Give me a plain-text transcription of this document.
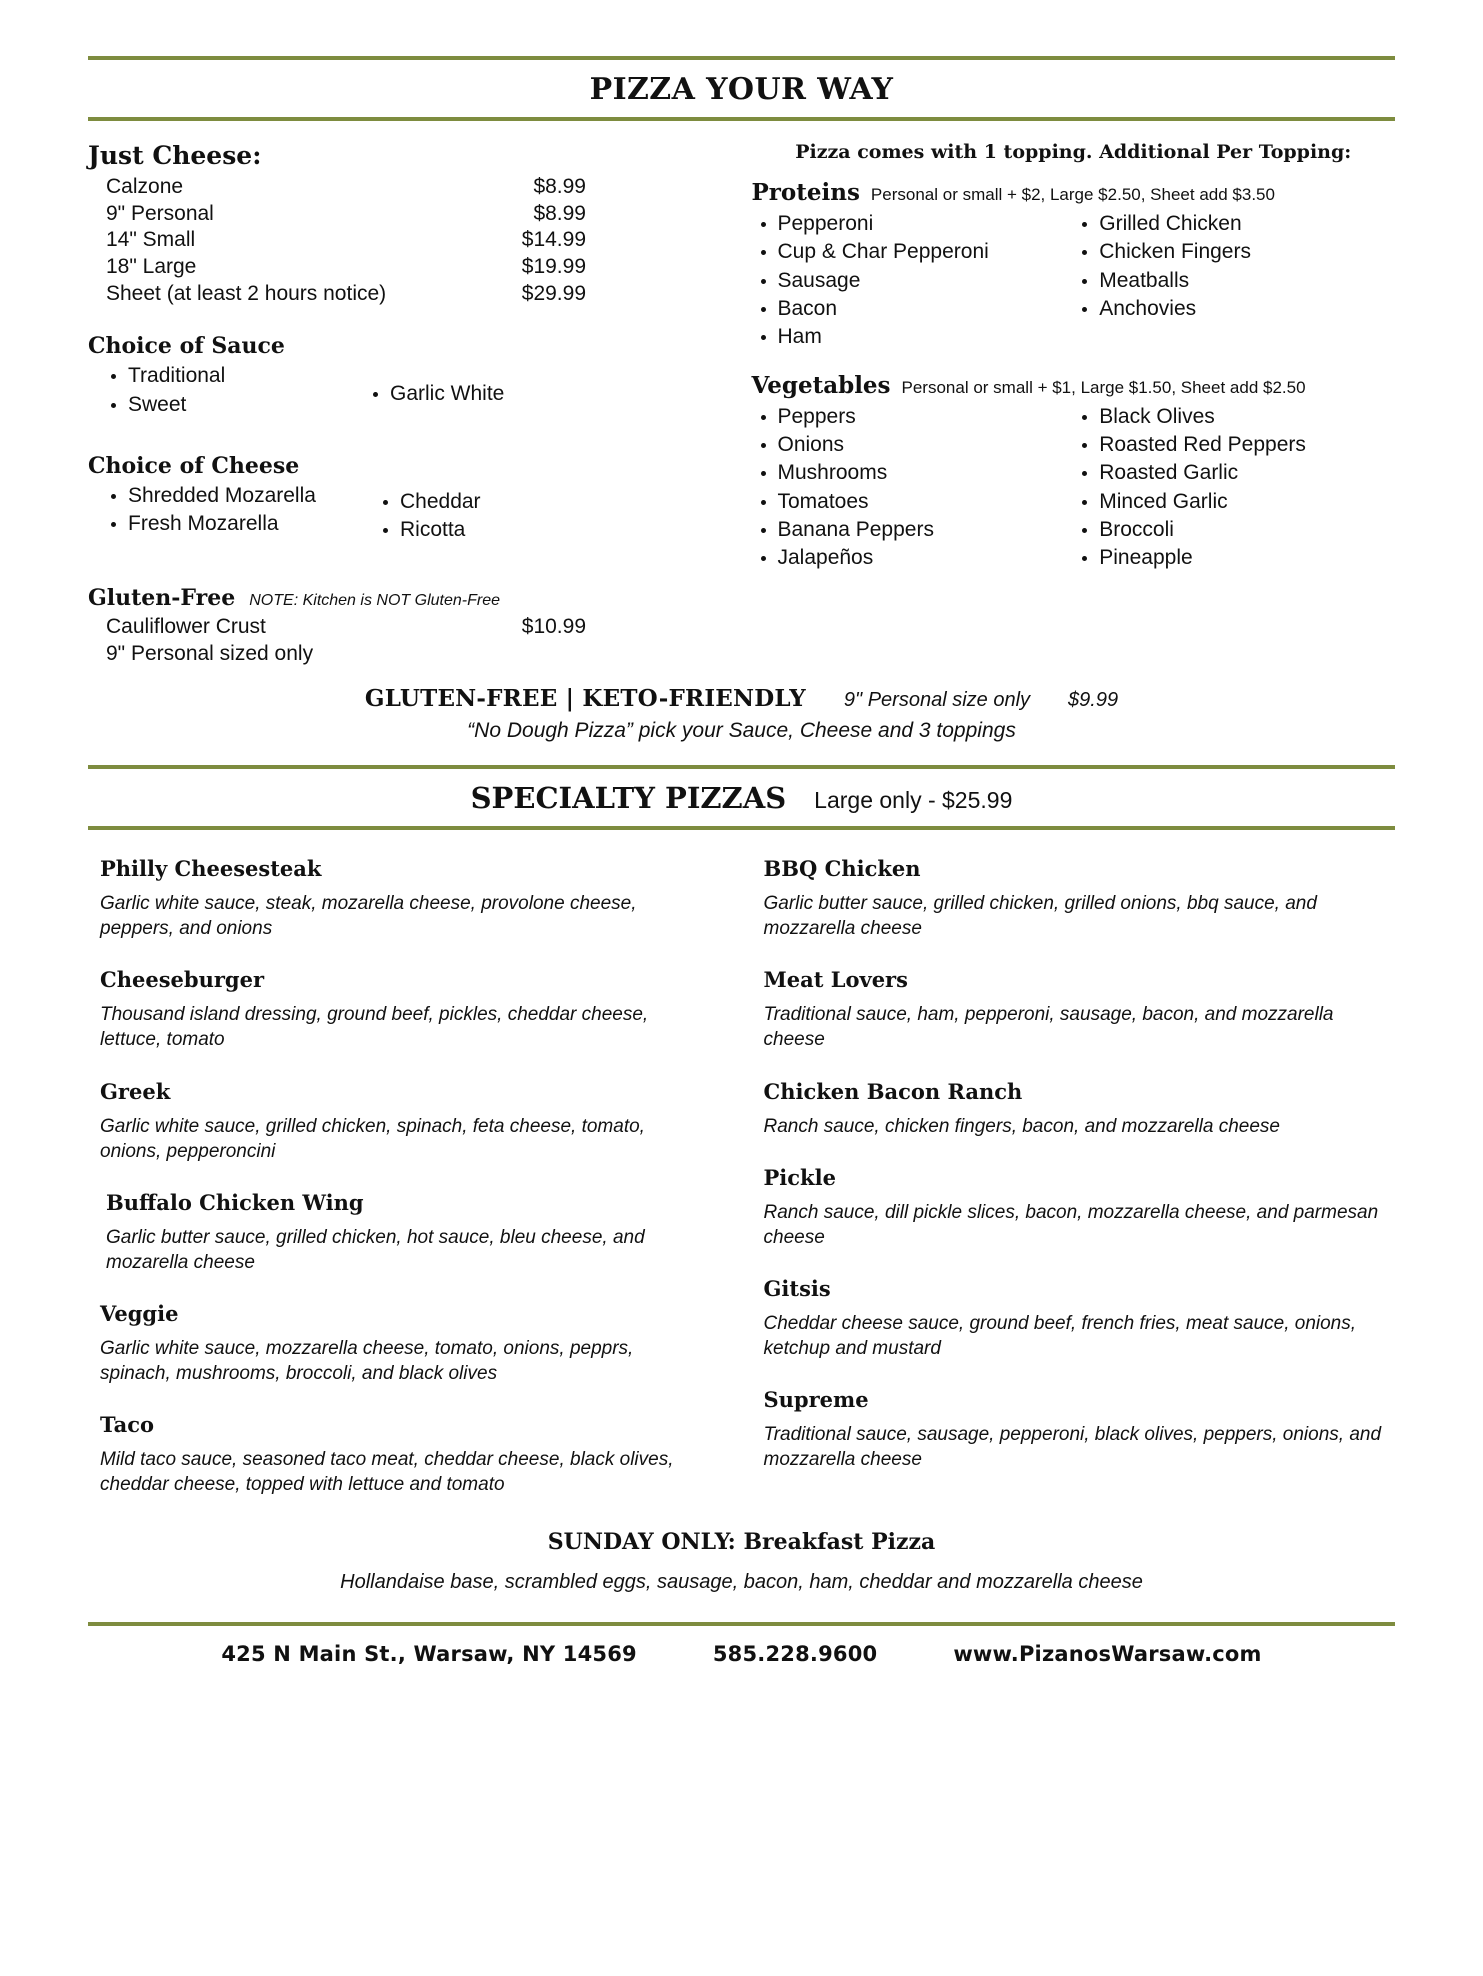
PIZZA YOUR WAY
Just Cheese:
Calzone	$8.99
9" Personal	$8.99
14" Small	$14.99
18" Large	$19.99
Sheet (at least 2 hours notice)	$29.99
Choice of Sauce
Traditional
Sweet	Garlic White
Choice of Cheese
Shredded Mozarella
Fresh Mozarella
Cheddar
Ricotta
Gluten-Free NOTE: Kitchen is NOT Gluten-Free
Cauliflower Crust	$10.99
9" Personal sized only
Pizza comes with 1 topping. Additional Per Topping:
Proteins Personal or small + $2, Large $2.50, Sheet add $3.50
Pepperoni
Cup & Char Pepperoni
Sausage
Bacon
Ham
Grilled Chicken
Chicken Fingers
Meatballs
Anchovies
Vegetables Personal or small + $1, Large $1.50, Sheet add $2.50
Peppers
Onions
Mushrooms
Tomatoes
Banana Peppers
Jalapeños
Black Olives
Roasted Red Peppers
Roasted Garlic
Minced Garlic
Broccoli
Pineapple
GLUTEN-FREE | KETO-FRIENDLY 9" Personal size only $9.99
“No Dough Pizza” pick your Sauce, Cheese and 3 toppings
SPECIALTY PIZZAS Large only - $25.99
Philly Cheesesteak
Garlic white sauce, steak, mozarella cheese, provolone cheese, peppers, and onions
Cheeseburger
Thousand island dressing, ground beef, pickles, cheddar cheese, lettuce, tomato
Greek
Garlic white sauce, grilled chicken, spinach, feta cheese, tomato, onions, pepperoncini
Buffalo Chicken Wing
Garlic butter sauce, grilled chicken, hot sauce, bleu cheese, and mozarella cheese
Veggie
Garlic white sauce, mozzarella cheese, tomato, onions, pepprs, spinach, mushrooms, broccoli, and black olives
Taco
Mild taco sauce, seasoned taco meat, cheddar cheese, black olives, cheddar cheese, topped with lettuce and tomato
BBQ Chicken
Garlic butter sauce, grilled chicken, grilled onions, bbq sauce, and mozzarella cheese
Meat Lovers
Traditional sauce, ham, pepperoni, sausage, bacon, and mozzarella cheese
Chicken Bacon Ranch
Ranch sauce, chicken fingers, bacon, and mozzarella cheese
Pickle
Ranch sauce, dill pickle slices, bacon, mozzarella cheese, and parmesan cheese
Gitsis
Cheddar cheese sauce, ground beef, french fries, meat sauce, onions, ketchup and mustard
Supreme
Traditional sauce, sausage, pepperoni, black olives, peppers, onions, and mozzarella cheese
SUNDAY ONLY: Breakfast Pizza
Hollandaise base, scrambled eggs, sausage, bacon, ham, cheddar and mozzarella cheese
425 N Main St., Warsaw, NY 14569	585.228.9600	www.PizanosWarsaw.com
